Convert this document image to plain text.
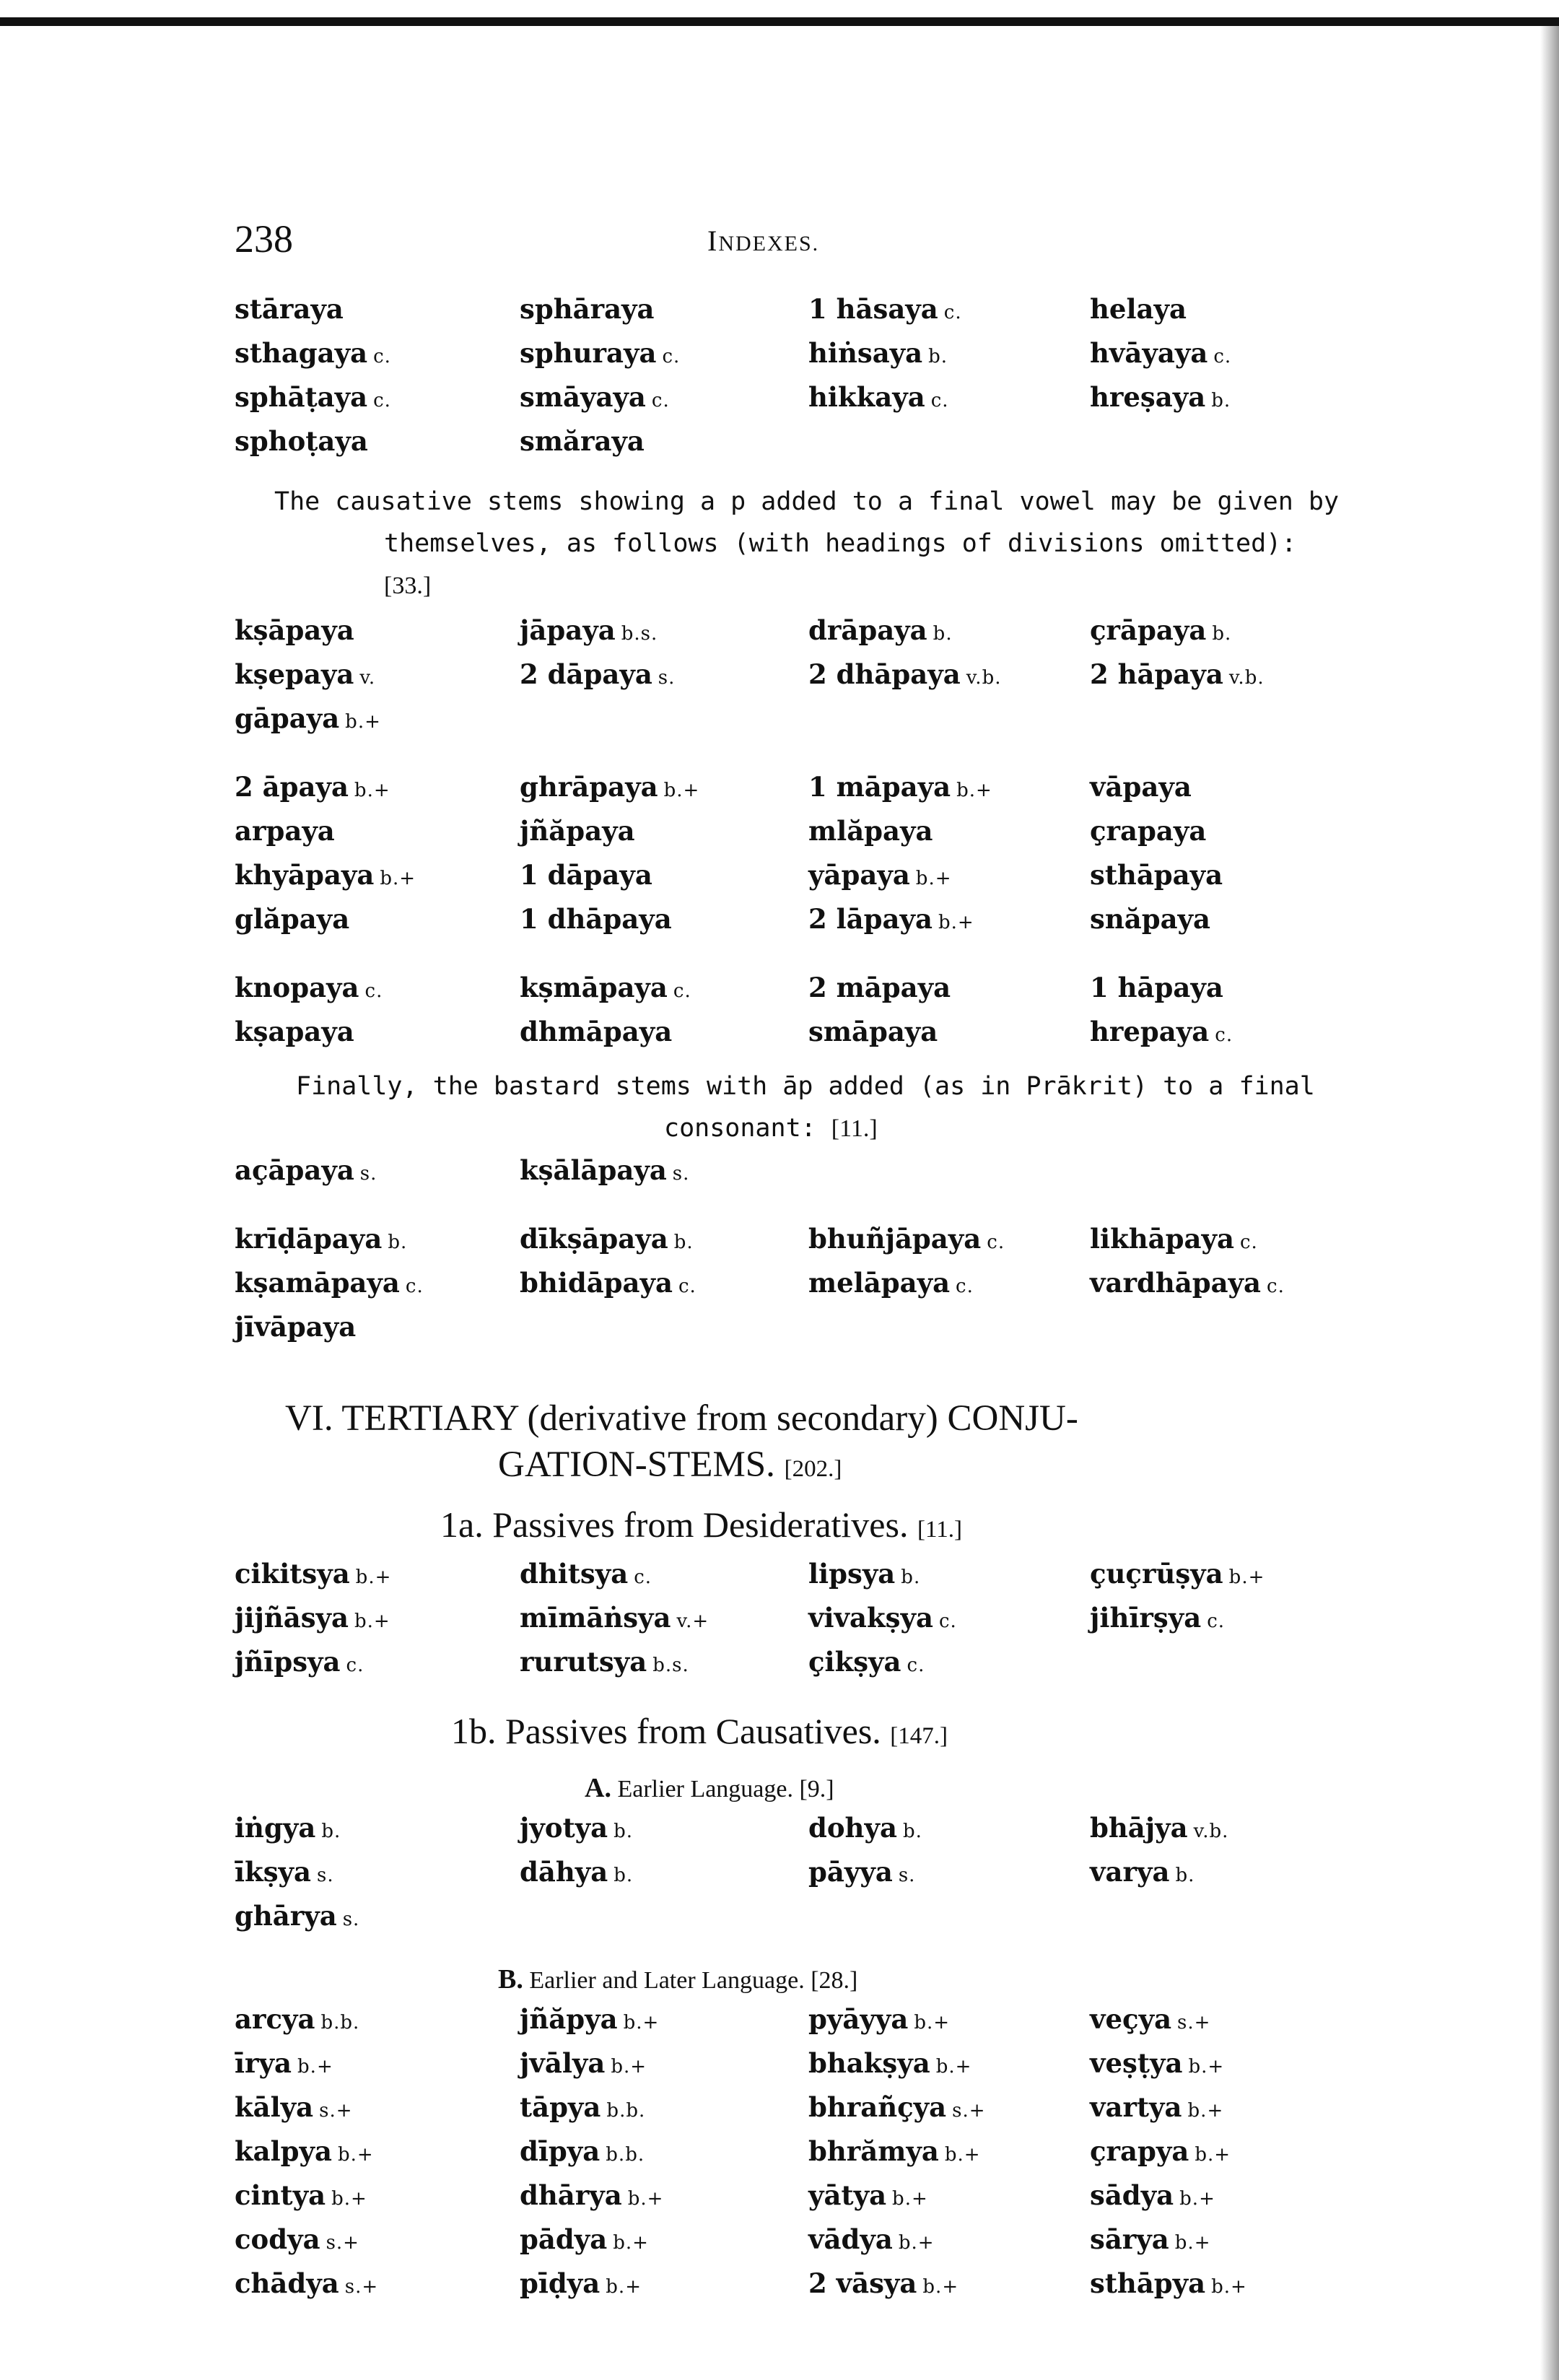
238	INDEXES.
stāraya	sphāraya	1 hāsaya c.	helaya
sthagaya c.	sphuraya c.	hiṅsaya b.	hvāyaya c.
sphāṭaya c.	smāyaya c.	hikkaya c.	hreṣaya b.
sphoṭaya	smăraya
The causative stems showing a p added to a final vowel may be given by
themselves, as follows (with headings of divisions omitted): [33.]
kṣāpaya	jāpaya b.s.	drāpaya b.	çrāpaya b.
kṣepaya v.	2 dāpaya s.	2 dhāpaya v.b.	2 hāpaya v.b.
gāpaya b.+
2 āpaya b.+	ghrāpaya b.+	1 māpaya b.+	vāpaya
arpaya	jñăpaya	mlăpaya	çrapaya
khyāpaya b.+	1 dāpaya	yāpaya b.+	sthāpaya
glăpaya	1 dhāpaya	2 lāpaya b.+	snăpaya
knopaya c.	kṣmāpaya c.	2 māpaya	1 hāpaya
kṣapaya	dhmāpaya	smāpaya	hrepaya c.
Finally, the bastard stems with āp added (as in Prākrit) to a final
consonant: [11.]
açāpaya s.	kṣālāpaya s.
krīḍāpaya b.	dīkṣāpaya b.	bhuñjāpaya c.	likhāpaya c.
kṣamāpaya c.	bhidāpaya c.	melāpaya c.	vardhāpaya c.
jīvāpaya
VI. TERTIARY (derivative from secondary) CONJU-
GATION-STEMS. [202.]
1a. Passives from Desideratives. [11.]
cikitsya b.+	dhitsya c.	lipsya b.	çuçrūṣya b.+
jijñāsya b.+	mīmāṅsya v.+	vivakṣya c.	jihīrṣya c.
jñīpsya c.	rurutsya b.s.	çikṣya c.
1b. Passives from Causatives. [147.]
A. Earlier Language. [9.]
iṅgya b.	jyotya b.	dohya b.	bhājya v.b.
īkṣya s.	dāhya b.	pāyya s.	varya b.
ghārya s.
B. Earlier and Later Language. [28.]
arcya b.b.	jñăpya b.+	pyāyya b.+	veçya s.+
īrya b.+	jvālya b.+	bhakṣya b.+	veṣṭya b.+
kālya s.+	tāpya b.b.	bhrañçya s.+	vartya b.+
kalpya b.+	dīpya b.b.	bhrămya b.+	çrapya b.+
cintya b.+	dhārya b.+	yātya b.+	sādya b.+
codya s.+	pādya b.+	vādya b.+	sārya b.+
chādya s.+	pīḍya b.+	2 vāsya b.+	sthāpya b.+
